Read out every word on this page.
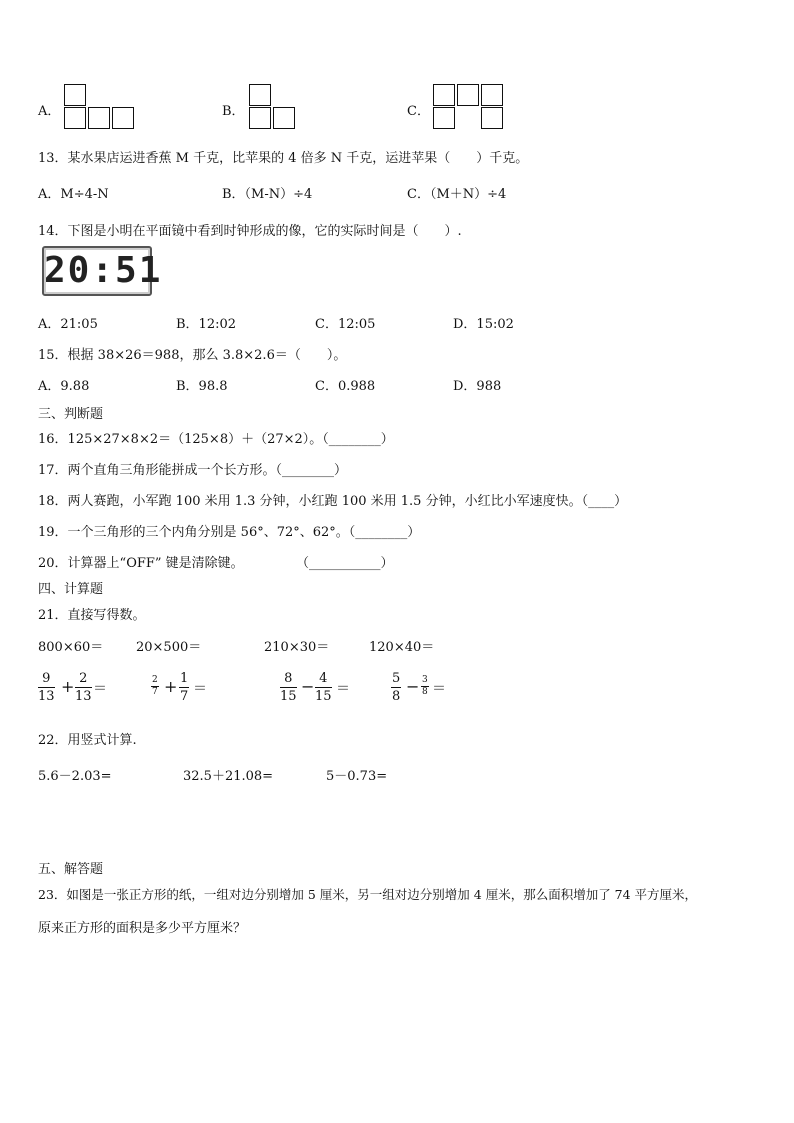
A．	B．	C．
13．某水果店运进香蕉 M 千克，比苹果的 4 倍多 N 千克，运进苹果（　　）千克。
A．M÷4-N	B．（M-N）÷4	C．（M＋N）÷4
14．下图是小明在平面镜中看到时钟形成的像，它的实际时间是（　　）.
20:51
A．21:05	B．12:02	C．12:05	D．15:02
15．根据 38×26＝988，那么 3.8×2.6＝（　　）。
A．9.88	B．98.8	C．0.988	D．988
三、判断题
16．125×27×8×2＝（125×8）＋（27×2）。（________）
17．两个直角三角形能拼成一个长方形。（________）
18．两人赛跑，小军跑 100 米用 1.3 分钟，小红跑 100 米用 1.5 分钟，小红比小军速度快。（____）
19．一个三角形的三个内角分别是 56°、72°、62°。（________）
20．计算器上“OFF” 键是清除键。	（___________）
四、计算题
21．直接写得数。
800×60＝	20×500＝	210×30＝	120×40＝
$\frac{9}{13} + \frac{2}{13}$ ＝	$\frac{2}{7} + \frac{1}{7}$ ＝	$\frac{8}{15} - \frac{4}{15}$ ＝	$\frac{5}{8} - \frac{3}{8}$ ＝
22．用竖式计算.
5.6－2.03=	32.5＋21.08=	5－0.73=
五、解答题
23．如图是一张正方形的纸，一组对边分别增加 5 厘米，另一组对边分别增加 4 厘米，那么面积增加了 74 平方厘米，
原来正方形的面积是多少平方厘米？
